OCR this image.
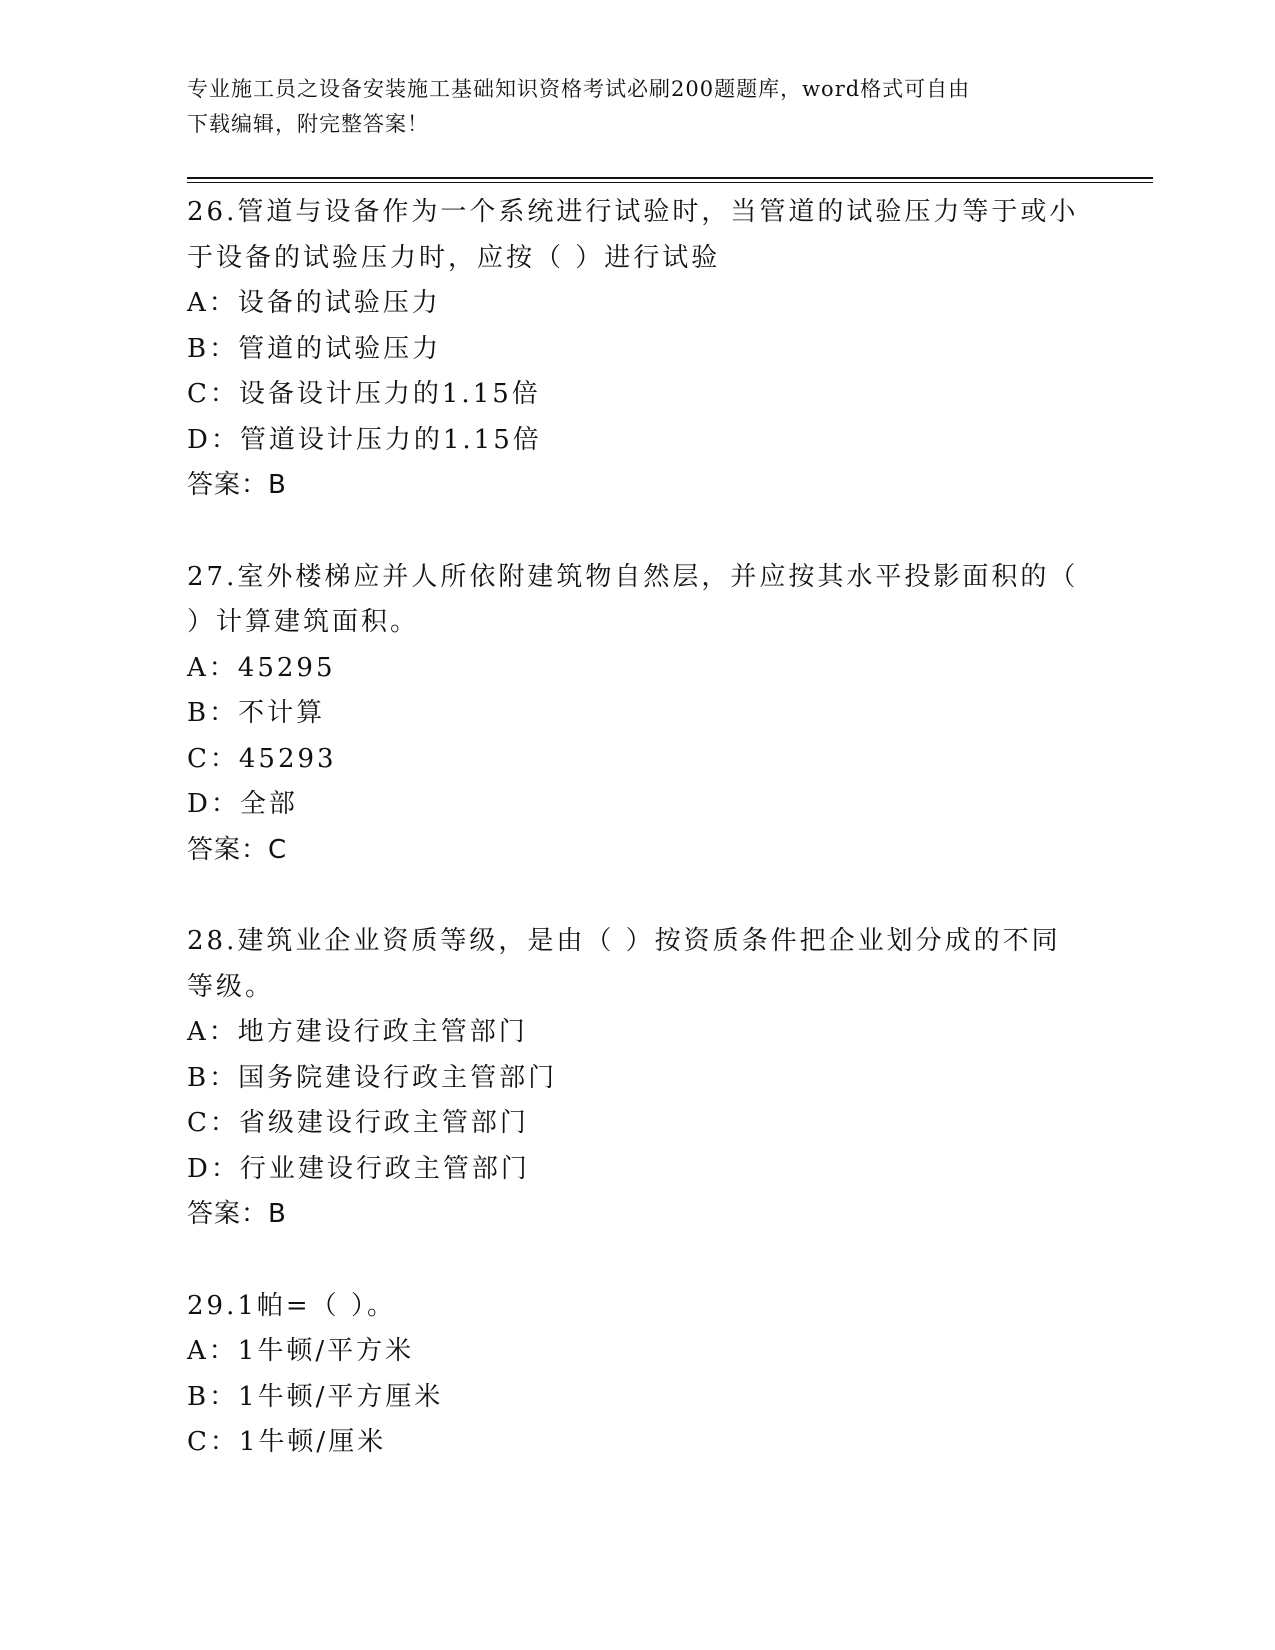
专业施工员之设备安装施工基础知识资格考试必刷200题题库，word格式可自由
下载编辑，附完整答案！
26.管道与设备作为一个系统进行试验时，当管道的试验压力等于或小
于设备的试验压力时，应按（ ）进行试验
A：设备的试验压力
B：管道的试验压力
C：设备设计压力的1.15倍
D：管道设计压力的1.15倍
答案：B
27.室外楼梯应并人所依附建筑物自然层，并应按其水平投影面积的（
）计算建筑面积。
A：45295
B：不计算
C：45293
D：全部
答案：C
28.建筑业企业资质等级，是由（ ）按资质条件把企业划分成的不同
等级。
A：地方建设行政主管部门
B：国务院建设行政主管部门
C：省级建设行政主管部门
D：行业建设行政主管部门
答案：B
29.1帕=（ ）。
A：1牛顿/平方米
B：1牛顿/平方厘米
C：1牛顿/厘米
